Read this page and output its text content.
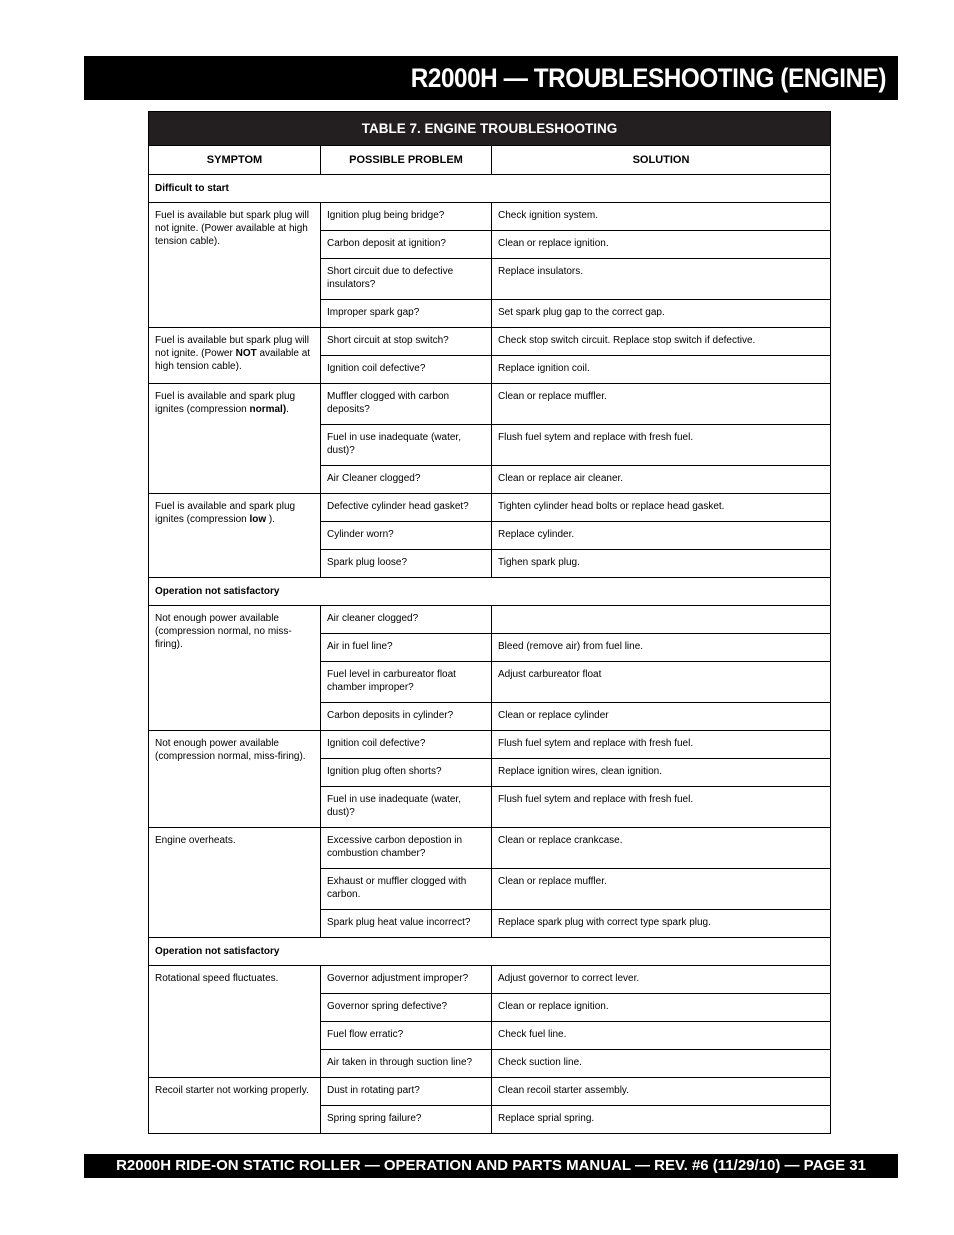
R2000H — TROUBLESHOOTING (ENGINE)
TABLE 7. ENGINE TROUBLESHOOTING		
SYMPTOM	POSSIBLE PROBLEM	SOLUTION
Difficult to start		
Fuel is available but spark plug will not ignite. (Power available at high tension cable).	Ignition plug being bridge?	Check ignition system.
	Carbon deposit at ignition?	Clean or replace ignition.
	Short circuit due to defective insulators?	Replace insulators.
	Improper spark gap?	Set spark plug gap to the correct gap.
Fuel is available but spark plug will not ignite. (Power NOT available at high tension cable).	Short circuit at stop switch?	Check stop switch circuit. Replace stop switch if defective.
	Ignition coil defective?	Replace ignition coil.
Fuel is available and spark plug ignites (compression normal).	Muffler clogged with carbon deposits?	Clean or replace muffler.
	Fuel in use inadequate (water, dust)?	Flush fuel sytem and replace with fresh fuel.
	Air Cleaner clogged?	Clean or replace air cleaner.
Fuel is available and spark plug ignites (compression low ).	Defective cylinder head gasket?	Tighten cylinder head bolts or replace head gasket.
	Cylinder worn?	Replace cylinder.
	Spark plug loose?	Tighen spark plug.
Operation not satisfactory		
Not enough power available (compression normal, no miss-firing).	Air cleaner clogged?	
	Air in fuel line?	Bleed (remove air) from fuel line.
	Fuel level in carbureator float chamber improper?	Adjust carbureator float
	Carbon deposits in cylinder?	Clean or replace cylinder
Not enough power available (compression normal, miss-firing).	Ignition coil defective?	Flush fuel sytem and replace with fresh fuel.
	Ignition plug often shorts?	Replace ignition wires, clean ignition.
	Fuel in use inadequate (water, dust)?	Flush fuel sytem and replace with fresh fuel.
Engine overheats.	Excessive carbon depostion in combustion chamber?	Clean or replace crankcase.
	Exhaust or muffler clogged with carbon.	Clean or replace muffler.
	Spark plug heat value incorrect?	Replace spark plug with correct type spark plug.
Operation not satisfactory		
Rotational speed fluctuates.	Governor adjustment improper?	Adjust governor to correct lever.
	Governor spring defective?	Clean or replace ignition.
	Fuel flow erratic?	Check fuel line.
	Air taken in through suction line?	Check suction line.
Recoil starter not working properly.	Dust in rotating part?	Clean recoil starter assembly.
	Spring spring failure?	Replace sprial spring.
R2000H RIDE-ON STATIC ROLLER — OPERATION AND PARTS MANUAL — REV. #6 (11/29/10) — PAGE 31
